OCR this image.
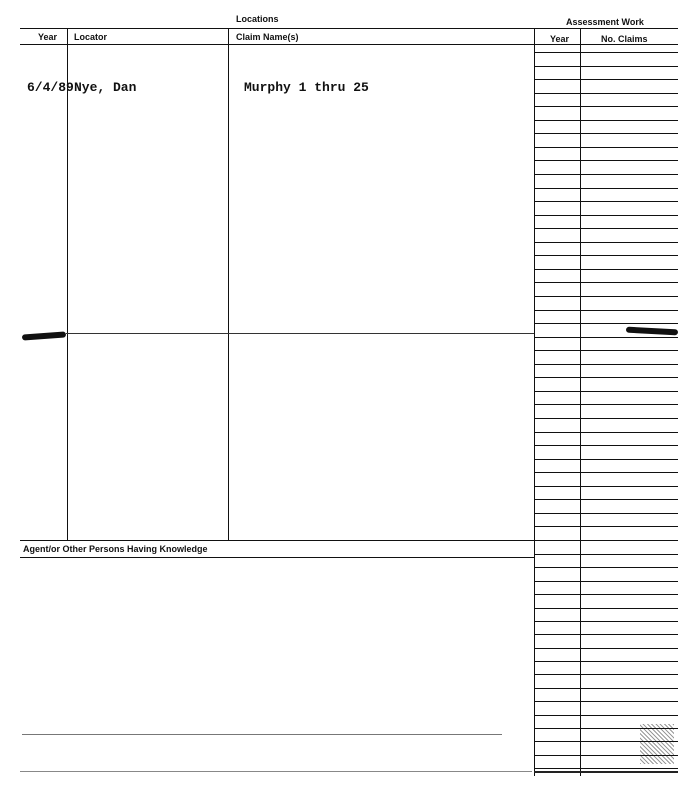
Locations	Assessment Work
Year Locator	Claim Name(s)	Year	No. Claims
6/4/89 Nye, Dan	Murphy 1 thru 25
Agent/or Other Persons Having Knowledge
